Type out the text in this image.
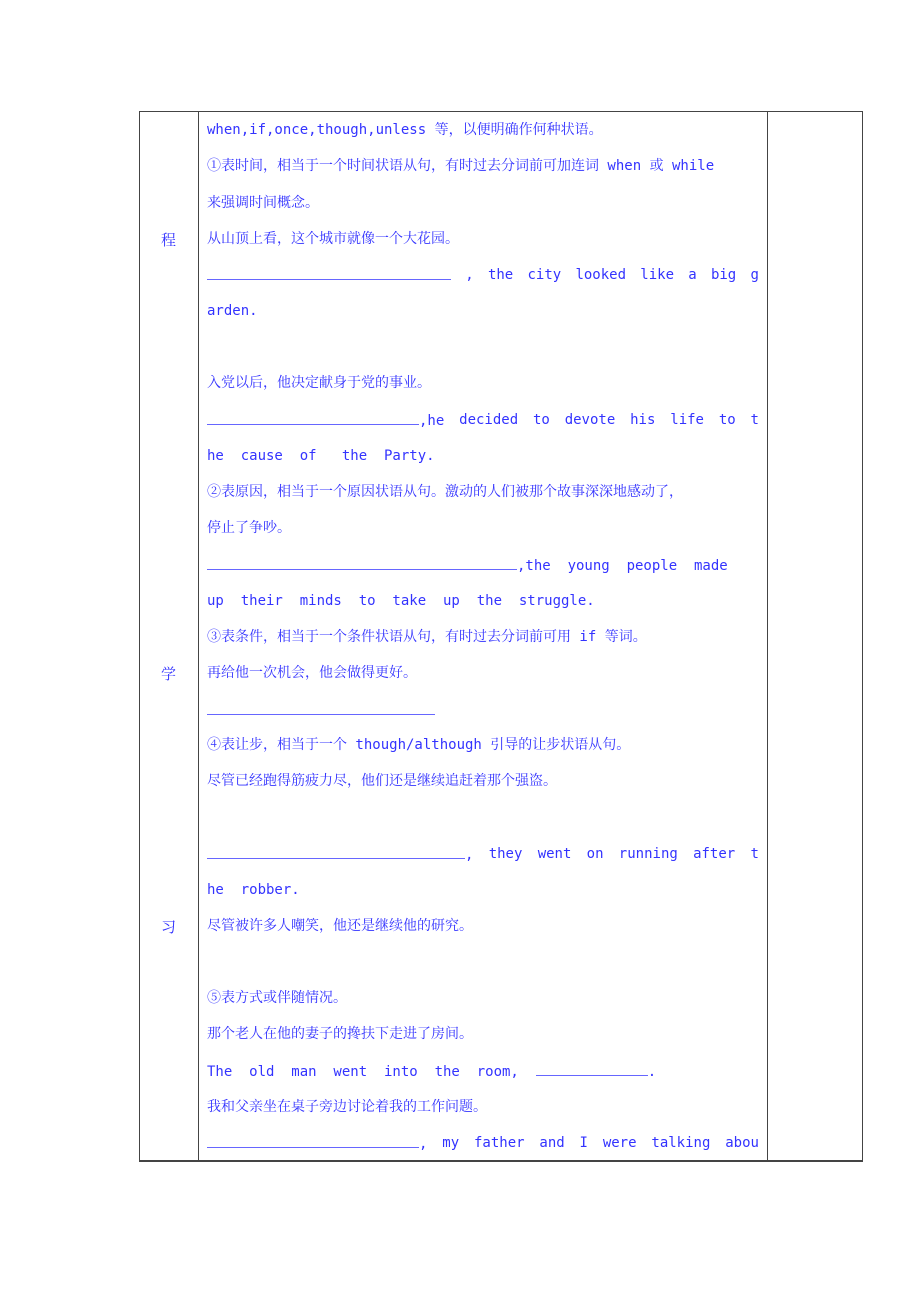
程
学
习
when,if,once,though,unless 等，以便明确作何种状语。
①表时间，相当于一个时间状语从句，有时过去分词前可加连词 when 或 while
来强调时间概念。
从山顶上看，这个城市就像一个大花园。
, the city looked like a big g
arden.
入党以后，他决定献身于党的事业。
,he decided to devote his life to t
he  cause  of   the  Party.
②表原因，相当于一个原因状语从句。激动的人们被那个故事深深地感动了，
停止了争吵。
,the  young  people  made
up  their  minds  to  take  up  the  struggle.
③表条件，相当于一个条件状语从句，有时过去分词前可用 if 等词。
再给他一次机会，他会做得更好。
④表让步，相当于一个 though/although 引导的让步状语从句。
尽管已经跑得筋疲力尽，他们还是继续追赶着那个强盗。
, they went on running after t
he  robber.
尽管被许多人嘲笑，他还是继续他的研究。
⑤表方式或伴随情况。
那个老人在他的妻子的搀扶下走进了房间。
The  old  man  went  into  the  room,	.
我和父亲坐在桌子旁边讨论着我的工作问题。
, my father and I were talking abou
